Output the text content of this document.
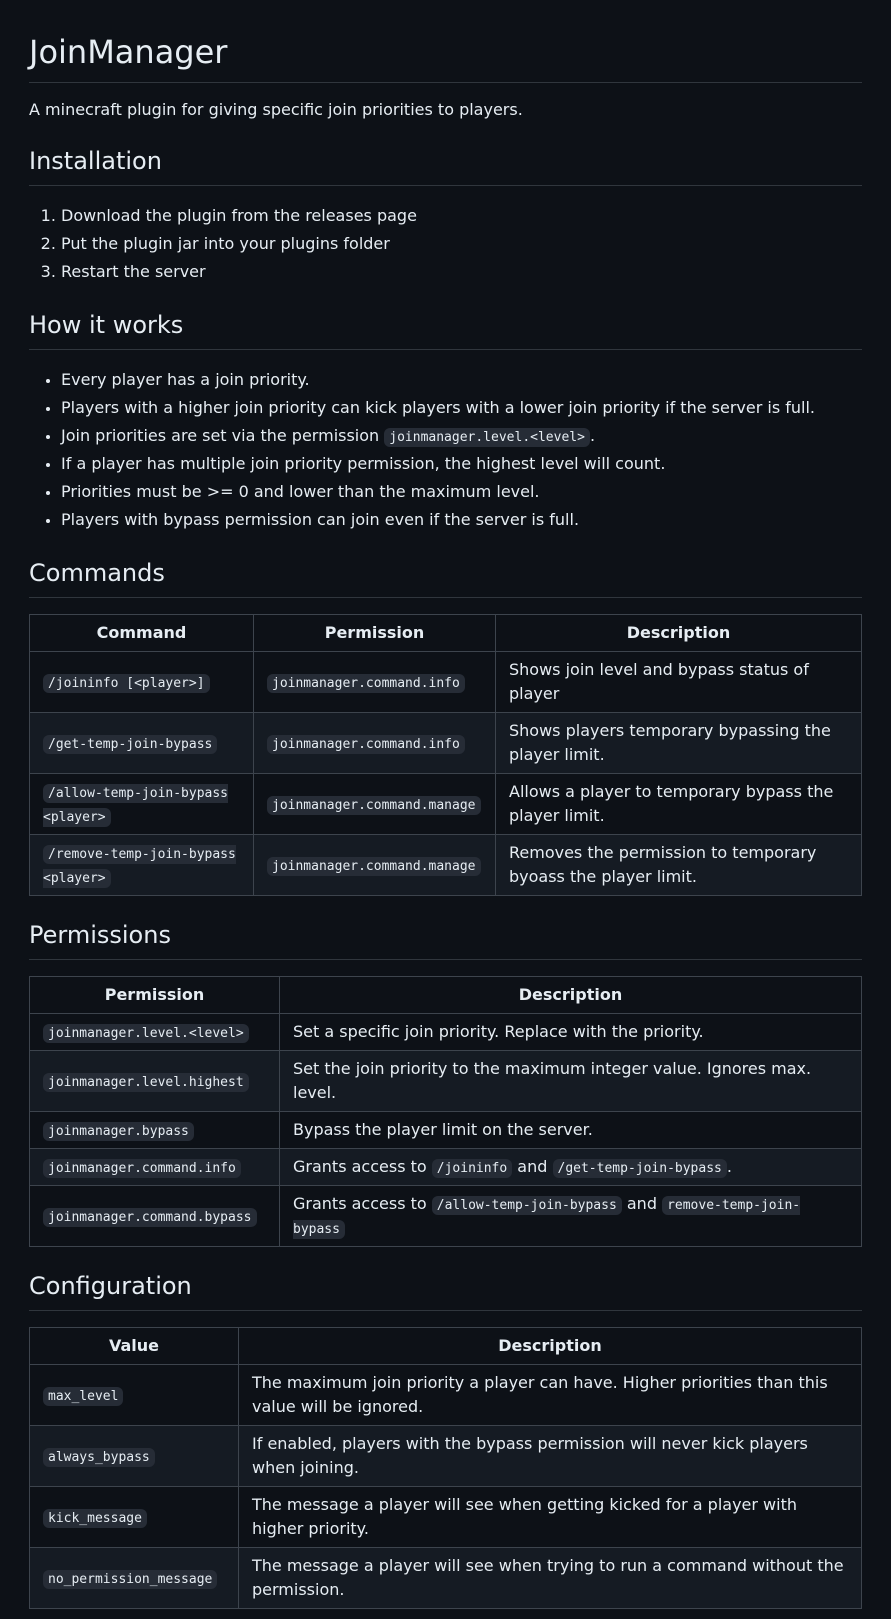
JoinManager

A minecraft plugin for giving specific join priorities to players.

Installation
1. Download the plugin from the releases page
2. Put the plugin jar into your plugins folder
3. Restart the server
How it works
• Every player has a join priority.
• Players with a higher join priority can kick players with a lower join priority if the server is full.
• Join priorities are set via the permission joinmanager.level.<level> .
• If a player has multiple join priority permission, the highest level will count.
• Priorities must be >= 0 and lower than the maximum level.
• Players with bypass permission can join even if the server is full.
Commands
Command	Permission	Description
/joininfo [<player>]	joinmanager.command.info	Shows join level and bypass status of player
/get-temp-join-bypass	joinmanager.command.info	Shows players temporary bypassing the player limit.
/allow-temp-join-bypass <player>	joinmanager.command.manage	Allows a player to temporary bypass the player limit.
/remove-temp-join-bypass <player>	joinmanager.command.manage	Removes the permission to temporary byoass the player limit.
Permissions
Permission	Description
joinmanager.level.<level>	Set a specific join priority. Replace with the priority.
joinmanager.level.highest	Set the join priority to the maximum integer value. Ignores max. level.
joinmanager.bypass	Bypass the player limit on the server.
joinmanager.command.info	Grants access to /joininfo and /get-temp-join-bypass .
joinmanager.command.bypass	Grants access to /allow-temp-join-bypass and remove-temp-join-bypass
Configuration
Value	Description
max_level	The maximum join priority a player can have. Higher priorities than this value will be ignored.
always_bypass	If enabled, players with the bypass permission will never kick players when joining.
kick_message	The message a player will see when getting kicked for a player with higher priority.
no_permission_message	The message a player will see when trying to run a command without the permission.
